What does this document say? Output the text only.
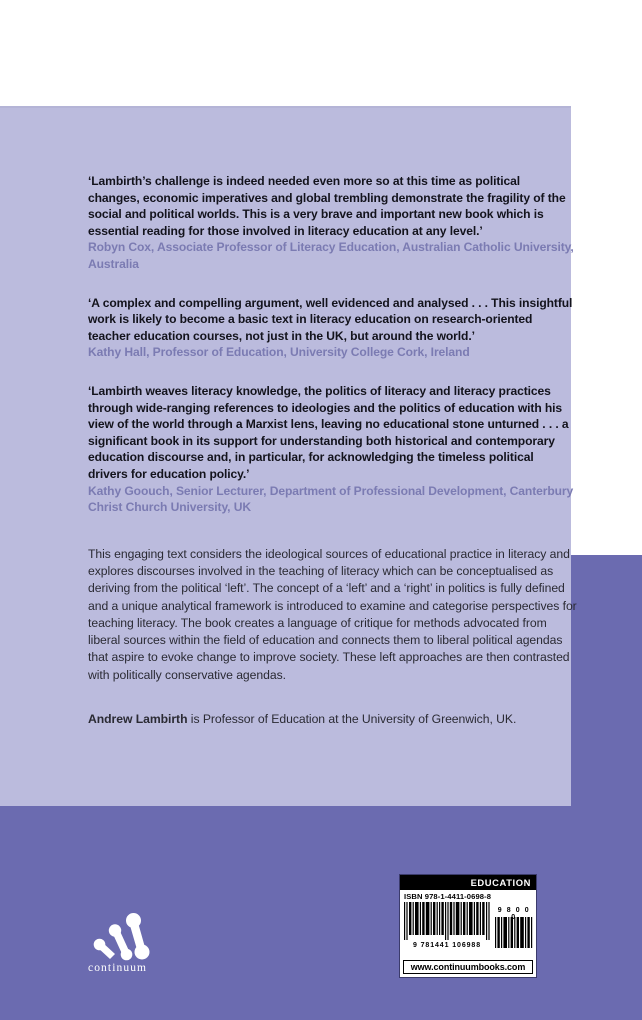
‘Lambirth’s challenge is indeed needed even more so at this time as political changes, economic imperatives and global trembling demonstrate the fragility of the social and political worlds. This is a very brave and important new book which is essential reading for those involved in literacy education at any level.’

Robyn Cox, Associate Professor of Literacy Education, Australian Catholic University, Australia

‘A complex and compelling argument, well evidenced and analysed . . . This insightful work is likely to become a basic text in literacy education on research-oriented teacher education courses, not just in the UK, but around the world.’

Kathy Hall, Professor of Education, University College Cork, Ireland

‘Lambirth weaves literacy knowledge, the politics of literacy and literacy practices through wide-ranging references to ideologies and the politics of education with his view of the world through a Marxist lens, leaving no educational stone unturned . . . a significant book in its support for understanding both historical and contemporary education discourse and, in particular, for acknowledging the timeless political drivers for education policy.’

Kathy Goouch, Senior Lecturer, Department of Professional Development, Canterbury Christ Church University, UK

This engaging text considers the ideological sources of educational practice in literacy and explores discourses involved in the teaching of literacy which can be conceptualised as deriving from the political ‘left’. The concept of a ‘left’ and a ‘right’ in politics is fully defined and a unique analytical framework is introduced to examine and categorise perspectives for teaching literacy. The book creates a language of critique for methods advocated from liberal sources within the field of education and connects them to liberal political agendas that aspire to evoke change to improve society. These left approaches are then contrasted with politically conservative agendas.

Andrew Lambirth is Professor of Education at the University of Greenwich, UK.

continuum

EDUCATION
ISBN 978-1-4411-0698-8
9 781441 106988
9 8 0 0 0
www.continuumbooks.com
